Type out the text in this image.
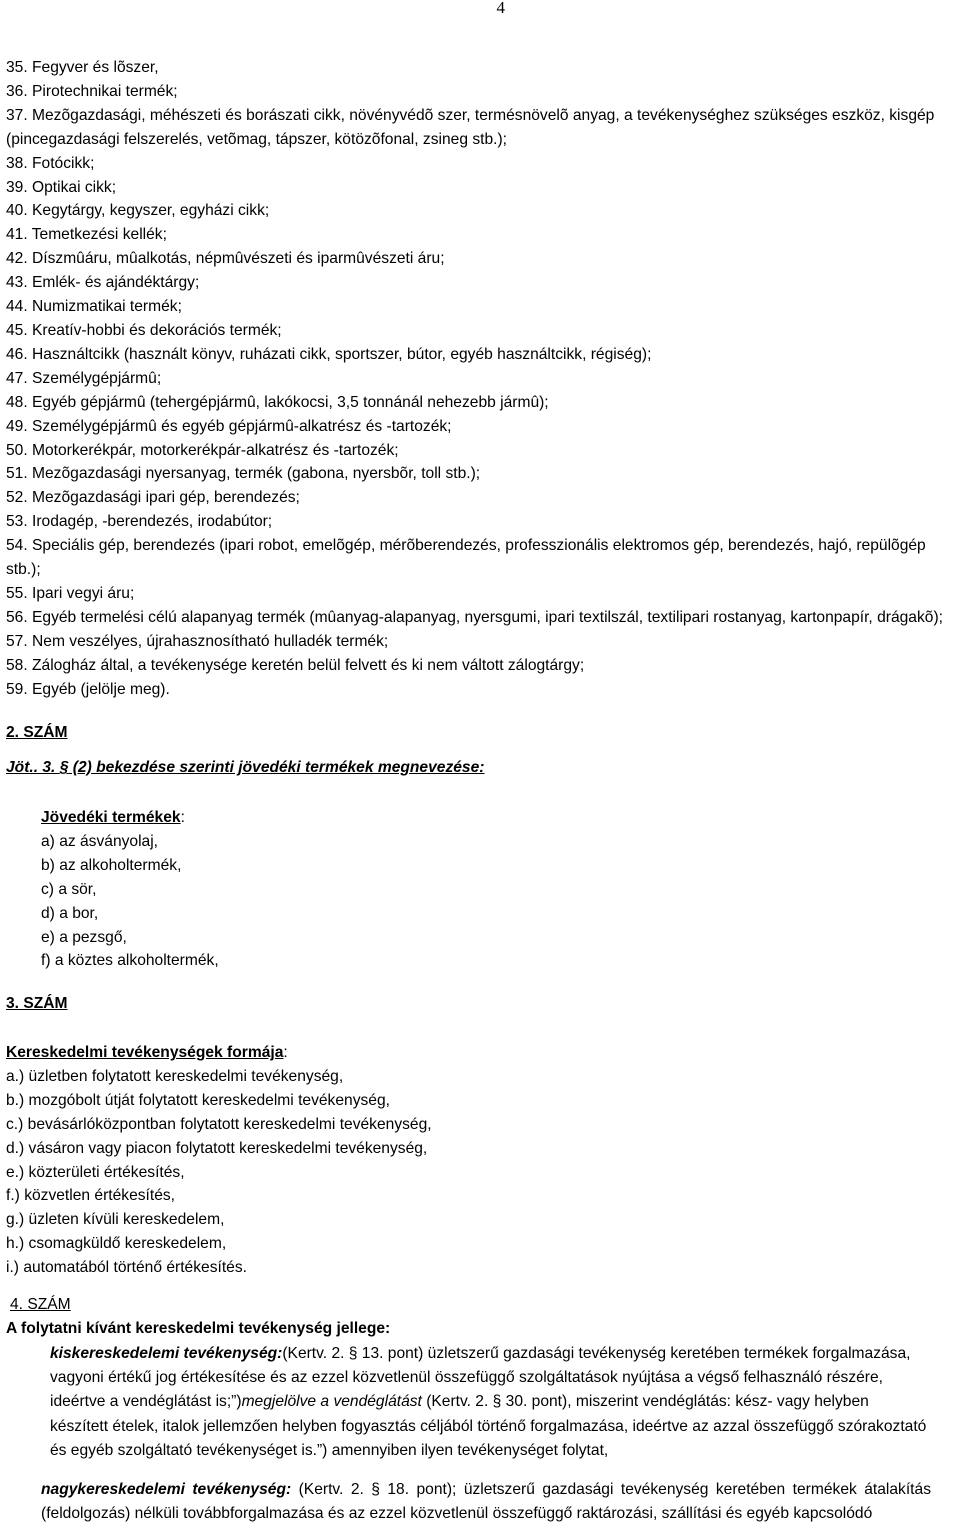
4

35. Fegyver és lõszer,

36. Pirotechnikai termék;

37. Mezõgazdasági, méhészeti és borászati cikk, növényvédõ szer, termésnövelõ anyag, a tevékenységhez szükséges eszköz, kisgép (pincegazdasági felszerelés, vetõmag, tápszer, kötözõfonal, zsineg stb.);

38. Fotócikk;

39. Optikai cikk;

40. Kegytárgy, kegyszer, egyházi cikk;

41. Temetkezési kellék;

42. Díszmûáru, mûalkotás, népmûvészeti és iparmûvészeti áru;

43. Emlék- és ajándéktárgy;

44. Numizmatikai termék;

45. Kreatív-hobbi és dekorációs termék;

46. Használtcikk (használt könyv, ruházati cikk, sportszer, bútor, egyéb használtcikk, régiség);

47. Személygépjármû;

48. Egyéb gépjármû (tehergépjármû, lakókocsi, 3,5 tonnánál nehezebb jármû);

49. Személygépjármû és egyéb gépjármû-alkatrész és -tartozék;

50. Motorkerékpár, motorkerékpár-alkatrész és -tartozék;

51. Mezõgazdasági nyersanyag, termék (gabona, nyersbõr, toll stb.);

52. Mezõgazdasági ipari gép, berendezés;

53. Irodagép, -berendezés, irodabútor;

54. Speciális gép, berendezés (ipari robot, emelõgép, mérõberendezés, professzionális elektromos gép, berendezés, hajó, repülõgép stb.);

55. Ipari vegyi áru;

56. Egyéb termelési célú alapanyag termék (mûanyag-alapanyag, nyersgumi, ipari textilszál, textilipari rostanyag, kartonpapír, drágakõ);

57. Nem veszélyes, újrahasznosítható hulladék termék;

58. Zálogház által, a tevékenysége keretén belül felvett és ki nem váltott zálogtárgy;

59. Egyéb (jelölje meg).

2. SZÁM

Jöt.. 3. § (2) bekezdése szerinti jövedéki termékek megnevezése:

Jövedéki termékek:

a) az ásványolaj,

b) az alkoholtermék,

c) a sör,

d) a bor,

e) a pezsgő,

f) a köztes alkoholtermék,

3. SZÁM

Kereskedelmi tevékenységek formája:

a.) üzletben folytatott kereskedelmi tevékenység,

b.) mozgóbolt útját folytatott kereskedelmi tevékenység,

c.) bevásárlóközpontban folytatott kereskedelmi tevékenység,

d.) vásáron vagy piacon folytatott kereskedelmi tevékenység,

e.) közterületi értékesítés,

f.) közvetlen értékesítés,

g.) üzleten kívüli kereskedelem,

h.) csomagküldő kereskedelem,

i.) automatából történő értékesítés.

4. SZÁM

A folytatni kívánt kereskedelmi tevékenység jellege:

kiskereskedelemi tevékenység:(Kertv. 2. § 13. pont) üzletszerű gazdasági tevékenység keretében termékek forgalmazása, vagyoni értékű jog értékesítése és az ezzel közvetlenül összefüggő szolgáltatások nyújtása a végső felhasználó részére, ideértve a vendéglátást is;”)megjelölve a vendéglátást (Kertv. 2. § 30. pont), miszerint vendéglátás: kész- vagy helyben készített ételek, italok jellemzően helyben fogyasztás céljából történő forgalmazása, ideértve az azzal összefüggő szórakoztató és egyéb szolgáltató tevékenységet is.”) amennyiben ilyen tevékenységet folytat,

nagykereskedelemi tevékenység: (Kertv. 2. § 18. pont); üzletszerű gazdasági tevékenység keretében termékek átalakítás (feldolgozás) nélküli továbbforgalmazása és az ezzel közvetlenül összefüggő raktározási, szállítási és egyéb kapcsolódó
